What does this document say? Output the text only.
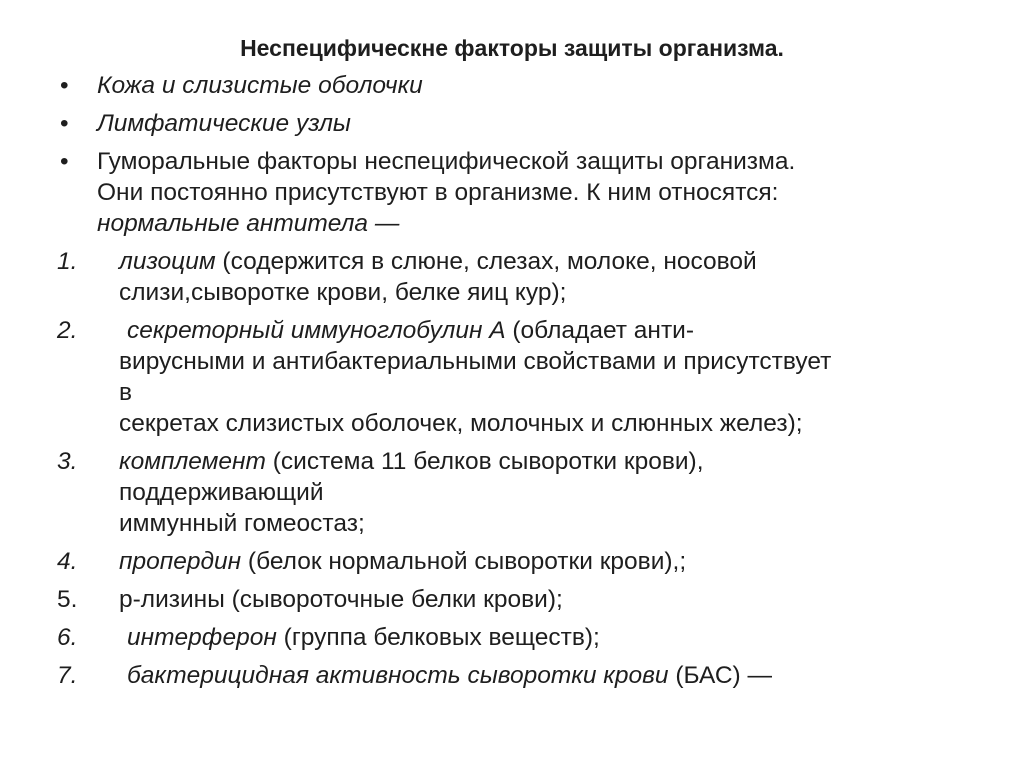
Неспецифическне факторы защиты организма.
• Кожа и слизистые оболочки
• Лимфатические узлы
• Гуморальные факторы неспецифической защиты организма.
Они постоянно присутствуют в организме. К ним относятся:
нормальные антитела —
1. лизоцим (содержится в слюне, слезах, молоке, носовой
слизи,сыворотке крови, белке яиц кур);
2.	секреторный иммуноглобулин А (обладает анти-
вирусными и антибактериальными свойствами и присутствует
в
секретах слизистых оболочек, молочных и слюнных желез);
3. комплемент (система 11 белков сыворотки крови),
поддерживающий
иммунный гомеостаз;
4. пропердин (белок нормальной сыворотки крови),;
5. р-лизины (сывороточные белки крови);
6.	интерферон (группа белковых веществ);
7.	бактерицидная активность сыворотки крови (БАС) —
